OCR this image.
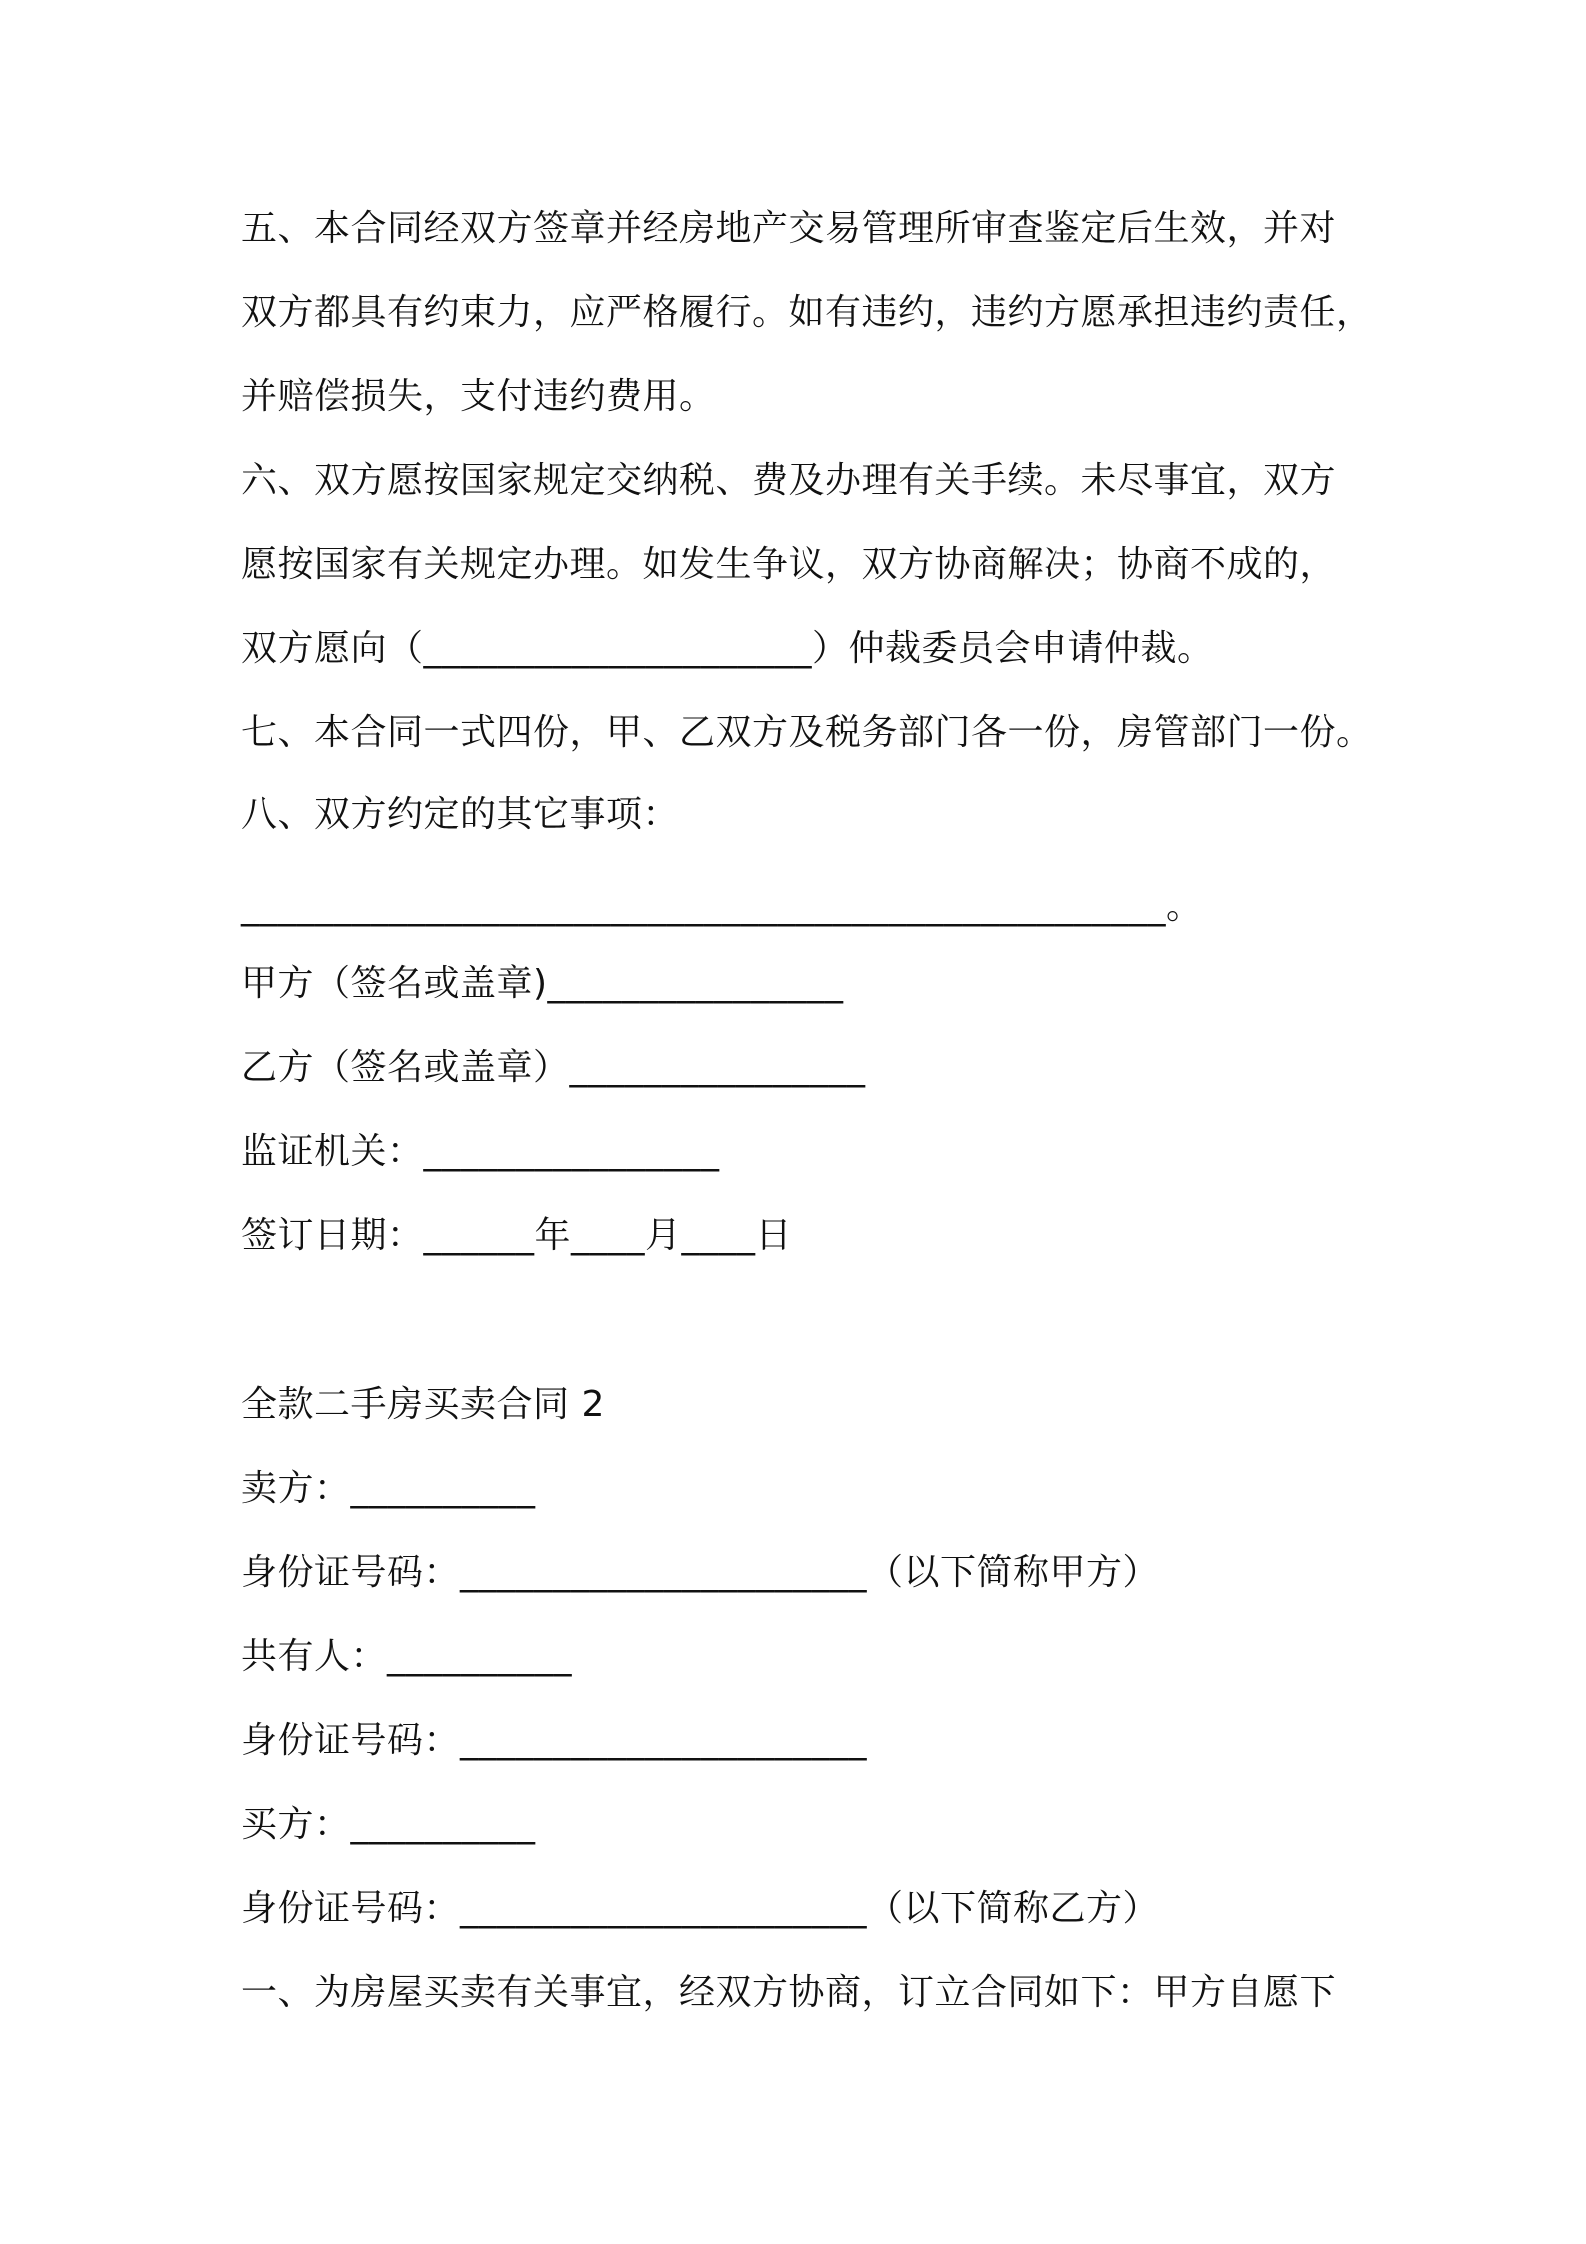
五、本合同经双方签章并经房地产交易管理所审查鉴定后生效，并对
双方都具有约束力，应严格履行。如有违约，违约方愿承担违约责任，
并赔偿损失，支付违约费用。
六、双方愿按国家规定交纳税、费及办理有关手续。未尽事宜，双方
愿按国家有关规定办理。如发生争议，双方协商解决；协商不成的，
双方愿向（_____________________）仲裁委员会申请仲裁。
七、本合同一式四份，甲、乙双方及税务部门各一份，房管部门一份。
八、双方约定的其它事项：
__________________________________________________。
甲方（签名或盖章)________________
乙方（签名或盖章）________________
监证机关：________________
签订日期：______年____月____日
全款二手房买卖合同 2
卖方：__________
身份证号码：______________________（以下简称甲方）
共有人：__________
身份证号码：______________________
买方：__________
身份证号码：______________________（以下简称乙方）
一、为房屋买卖有关事宜，经双方协商，订立合同如下：甲方自愿下
